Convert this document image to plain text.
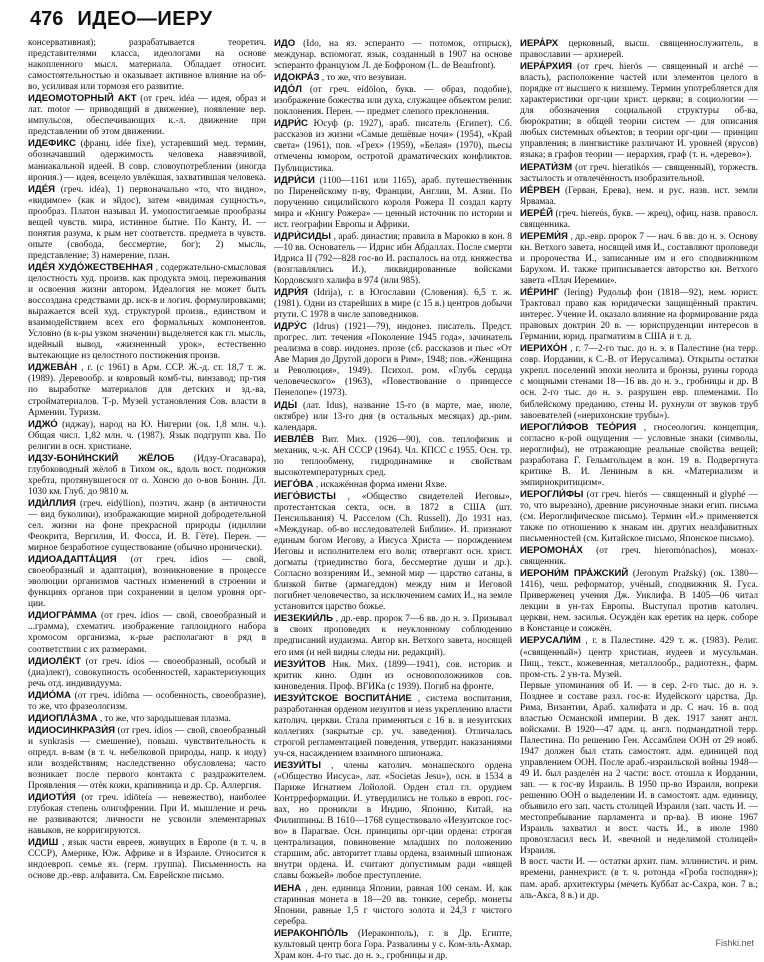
476 ИДЕО—ИЕРУ

консервативная); разрабатывается теоретич. представителями класса, идеологами на основе накопленного мысл. материала. Обладает относит. самостоятельностью и оказывает активное влияние на об-во, усиливая или тормозя его развитие.

ИДЕОМОТОРНЫЙ АКТ (от греч. idéa — идея, образ и лат. motor — приводящий в движение), появление вер. импульсов, обеспечивающих к.-л. движение при представлении об этом движении.

ИДЕФИКС (франц. idée fixe), устаревший мед. термин, обозначавший одержимость человека навязчивой, маниакальной идеей. В совр. словоупотреблении (иногда ирония.) — идея, всецело увлёкшая, захватившая человека.

ИДЕ́Я (греч. idéa), 1) первоначально «то, что видно», «видимое» (как и эйдос), затем «видимая сущность», прообраз. Платон называл И. умопостигаемые прообразы вещей чувств. мира, истинное бытие. По Канту, И. — понятия разума, к рым нет соответств. предмета в чувств. опыте (свобода, бессмертие, бог); 2) мысль, представление; 3) намерение, план.

ИДЕ́Я ХУДО́ЖЕСТВЕННАЯ , содержательно-смысловая целостность худ. произв. как продукта эмоц. переживания и освоения жизни автором. Идеалогия не может быть воссоздана средствами др. иск-в и логич. формулировками; выражается всей худ. структурой произв., единством и взаимодействием всех его формальных компонентов. Условно (в к-ры узком значении) выделяется как гл. мысль, идейный вывод, «жизненный урок», естественно вытекающие из целостного постижения произв.

ИДЖЕВА́Н , г. (с 1961) в Арм. ССР. Ж.-д. ст. 18,7 т. ж. (1989). Деревообр. и ковровый комб-ты, винзавод; пр-тия по выработке материалов для детских и зд.-ва, стройматериалов. Т-р. Музей установления Сов. власти в Армении. Туризм.

ИДЖО́ (иджау), народ на Ю. Нигерии (ок. 1,8 млн. ч.). Общая числ. 1,82 млн. ч. (1987). Язык подгрупп ква. По религии в осн. христиане.

ИДЗУ-БОНИ́НСКИЙ ЖЁЛОБ (Идзу-Огасавара), глубоководный жёлоб в Тихом ок., вдоль вост. подножия хребта, протянувшегося от о. Хонсю до о-вов Бонин. Дл. 1030 км. Глуб. до 9810 м.

ИДИ́ЛЛИЯ (греч. eidýllion), поэтич. жанр (в античности — вид буколики), изображающие мирной добродетельной сел. жизни на фоне прекрасной природы (идиллии Феокрита, Вергилия, И. Фосса, И. В. Гёте). Перен. — мирное безработное существование (обычно иронически).

ИДИОАДАПТА́ЦИЯ (от греч. ídios — свой, своеобразный и адаптация), возникновение в процессе эволюции организмов частных изменений в строении и функциях органов при сохранении в целом уровня орг-ции.

ИДИОГРА́ММА (от греч. ídios — свой, своеобразный и ...грамма), схематич. изображение гаплоидного набора хромосом организма, к-рые располагают в ряд в соответствии с их размерами.

ИДИОЛЕ́КТ (от греч. ídios — своеобразный, особый и (диа)лект), совокупность особенностей, характеризующих речь отд. индивидуума.

ИДИО́МА (от греч. idíōma — особенность, своеобразие), то же, что фразеологизм.

ИДИОПЛА́ЗМА , то же, что зародышевая плазма.

ИДИОСИНКРАЗИ́Я (от греч. ídios — свой, своеобразный и synkrasis — смешение), повыш. чувствительность к опредл. в-вам (в т. ч. небелковой природы, напр. к иоду) или воздействиям; наследственно обусловлена; часто возникает после первого контакта с раздражителем. Проявления — отёк кожи, крапивница и др. Ср. Аллергия.

ИДИОТИ́Я (от греч. idiōteía — невежество), наиболее глубокая степень олигофрении. При И. мышление и речь не развиваются; личности не усвоили элементарных навыков, не корригируются.

ИДИШ , язык части евреев, живущих в Европе (в т. ч. в СССР), Америке, Юж. Африке и в Израиле. Относится к индоевроп. семье яз. (герм. группа). Письменность на основе др.-евр. алфавита. См. Еврейское письмо.

ИДО (Ido, на яз. эсперанто — потомок, отпрыск), междунар. вспомогат. язык, созданный в 1907 на основе эсперанто французом Л. де Бофроном (L. de Beaufront).

ИДОКРА́З , то же, что везувиан.

ИДО́Л (от греч. eídōlon, букв. — образ, подобие), изображение божества или духа, служащее объектом религ. поклонения. Перен. — предмет слепого преклонения.

ИДРИ́С Юсуф (р. 1927), араб. писатель (Египет). Сб. рассказов из жизни «Самые дешёвые ночи» (1954), «Край света» (1961), пов. «Грех» (1959), «Белая» (1970), пьесы отмечены юмором, остротой драматических конфликтов. Публицистика.

ИДРИ́СИ (1100—1161 или 1165), араб. путешественник по Пиренейскому п-ву, Франции, Англии, М. Азии. По поручению сицилийского короля Рожера II создал карту мира и «Книгу Рожера» — ценный источник по истории и ист. географии Европы и Африки.

ИДРИ́СИДЫ , араб. династия; правила в Марокко в кон. 8—10 вв. Основатель — Идрис ибн Абдаллах. После смерти Идриса II (792—828 гос-во И. распалось на отд. княжества (возглавлялись И.), ликвидированные войсками Кордовского халифа в 974 (или 985).

ИДРИ́Я (Idrija), г. в Югославии (Словения). 6,5 т. ж. (1981). Одни из старейших в мире (с 15 в.) центров добычи ртути. С 1978 в числе заповедников.

ИДРУ́С (Idrus) (1921—79), индонез. писатель. Предст. прогрес. лит. течения «Поколение 1945 года», зачинатель реализма в совр. индонез. прозе (сб. рассказов и пьес «От Аве Мария до Другой дороги в Рим», 1948; пов. «Женщина и Революция», 1949). Психол. ром. «Глубь сердца человеческого» (1963), «Повествование о принцессе Пенелопе» (1973).

ИДЫ́ (лат. Idus), название 15-го (в марте, мае, июле, октябре) или 13-го дня (в остальных месяцах) др.-рим. календаря.

ИЕВЛЕ́В Вит. Мих. (1926—90), сов. теплофизик и механик, ч.-к. АН СССР (1964). Чл. КПСС с 1955. Осн. тр. по теплообмену, гидродинамике и свойствам высокотемпературных сред.

ИЕГО́ВА , искажённая форма имени Яхве.

ИЕГО́ВИСТЫ , «Общество свидетелей Иеговы», протестантская секта, осн. в 1872 в США (шт. Пенсильвания) Ч. Расселом (Ch. Russell). До 1931 наз. «Междунар. об-во исследователей Библии». И. признают единым богом Иегову, а Иисуса Христа — порождением Иеговы и исполнителем его воли; отвергают осн. христ. догматы (триединство бога, бессмертие души и др.). Согласно воззрениям И., земной мир — царство сатаны, в близкой битве (армагеддон) между ним и Иеговой погибнет человечество, за исключением самих И., на земле установится царство божье.

ИЕЗЕКИИ́ЛЬ , др.-евр. пророк 7—6 вв. до н. э. Призывал в своих проповедях к неуклонному соблюдению предписаний иудаизма. Автор кн. Ветхого завета, носящей его имя (и ней видны следы ни. редакций).

ИЕЗУИ́ТОВ Ник. Мих. (1899—1941), сов. историк и критик кино. Один из основоположников сов. киноведения. Проф. ВГИКа (с 1939). Погиб на фронте.

ИЕЗУИ́ТСКОЕ ВОСПИТА́НИЕ , система воспитания, разработанная орденом иезуитов и иезs укреплению власти католич. церкви. Стала применяться с 16 в. в иезуитских коллегиях (закрытые ср. уч. заведения). Отличалась строгой регламентацией поведения, утвердит. наказаниями уч-ся, насаждением взаимного шпионажа.

ИЕЗУИ́ТЫ , члены католич. монашеского ордена («Общество Иисуса», лат. «Societas Jesu»), осн. в 1534 в Париже Игнатием Лойолой. Орден стал гл. орудием Контрреформации. И. утвердились не только в европ. гос-вах, но проникли в Индию, Японию, Китай, на Филиппины. В 1610—1768 существовало «Иезуитское гос-во» в Парагвае. Осн. принципы орг-ции ордена: строгая централизация, повиновение младших по положению старшим, абс. авторитет главы ордена, взаимный шпионаж внутри ордена. И. считают допустимым ради «вящей славы божьей» любое преступление.

ИЕНА , ден. единица Японии, равная 100 сенам. И. как старинная монета в 18—20 вв. тонкие, серебр. монеты Японии, равные 1,5 г чистого золота и 24,3 г чистого серебра.

ИЕРАКОНПО́ЛЬ (Иераконполь), г. в Др. Египте, культовый центр бога Гора. Развалины у с. Ком-эль-Ахмар. Храм кон. 4-го тыс. до н. э., гробницы и др.

ИЕРА́РХ церковный, высш. священнослужитель, в православии — архиерей.

ИЕРА́РХИЯ (от греч. hierós — священный и arché — власть), расположение частей или элементов целого в порядке от высшего к низшему. Термин употребляется для характеристики орг-ции христ. церкви; в социологии — для обозначения социальной структуры об-ва, бюрократии; в общей теории систем — для описания любых системных объектов; в теории орг-ции — принцип управления; в лингвистике различают И. уровней (ярусов) языка; в графов теории — иерархия, граф (т. н. «дерево»).

ИЕРАТИ́ЗМ (от греч. hieratikós — священный), торжеств. застылость и отвлечённость изобразительной.

ИЕ́РВЕН (Герван, Ерева), нем. и рус. назв. ист. земли Ярвамаа.

ИЕРЕ́Й (греч. hiereús, букв. — жрец), офиц. назв. правосл. священника.

ИЕРЕМИ́Я , др.-евр. пророк 7 — нач. 6 вв. до н. э. Основу кн. Ветхого завета, носящей имя И., составляют проповеди и пророчества И., записанные им и его сподвижником Барухом. И. также приписывается авторство кн. Ветхого завета «Плач Иеремии».

ИЕ́РИНГ (Iering) Рудольф фон (1818—92), нем. юрист. Трактовал право как юридически защищённый практич. интерес. Учение И. оказало влияние на формирование ряда правовых доктрин 20 в. — юриспруденции интересов в Германии, юрид. прагматизм в США и т. д.

ИЕРИХО́Н , г. 7—2-го тыс. до н. э. в Палестине (на терр. совр. Иордании, к С.-В. от Иерусалима). Открыты остатки укрепл. поселений эпохи неолита и бронзы, руины города с мощными стенами 18—16 вв. до н. э., гробницы и др. В осн. 2-го тыс. до н. э. разрушен евр. племенами. По библейскому преданию, стены И. рухнули от звуков труб завоевателей («иерихонские трубы»).

ИЕРОГЛИ́ФОВ ТЕО́РИЯ , гносеологич. концепция, согласно к-рой ощущения — условные знаки (символы, иероглифы), не отражающие реальные свойства вещей; разработана Г. Гельмгольцем в кон. 19 в. Подвергнута критике В. И. Лениным в кн. «Материализм и эмпириокритицизм».

ИЕРОГЛИ́ФЫ (от греч. hierós — священный и glyphé — то, что вырезано), древние рисуночные знаки егип. письма (см. Иероглифическое письмо). Термин «И.» применяется также по отношению к знакам ин. других неалфавитных письменностей (см. Китайское письмо, Японское письмо).

ИЕРОМОНА́Х (от греч. hieromónachos), монах-священник.

ИЕРОНИ́М ПРА́ЖСКИЙ (Jeronym Pražský) (ок. 1380—1416), чеш. реформатор, учёный, сподвижник Я. Гуса. Приверженец учения Дж. Уиклифа. В 1405—06 читал лекции в ун-тах Европы. Выступал против католич. церкви, нем. засилья. Осуждён как еретик на церк. соборе в Констанце и сожжён.

ИЕРУСАЛИ́М , г. в Палестине. 429 т. ж. (1983). Религ. («священный») центр христиан, иудеев и мусульман. Пищ., текст., кожевенная, металлообр., радиотехн., фарм. пром-сть. 2 ун-та. Музей.

Первые упоминания об И. — в сер. 2-го тыс. до н. э. Позднее в составе разл. гос-в: Иудейского царства, Др. Рима, Византии, Араб. халифата и др. С нач. 16 в. под властью Османской империи. В дек. 1917 занят англ. войсками. В 1920—47 адм. ц. англ. подмандатной терр. Палестина. По решению Ген. Ассамблеи ООН от 29 нояб. 1947 должен был стать самостоят. адм. единицей под управлением ООН. После араб.-израильской войны 1948—49 И. был разделён на 2 части: вост. отошла к Иордании, зап. — к гос-ву Израиль. В 1950 пр-во Израиля, вопреки решению ООН о выделении И. в самостоят. адм. единицу, объявило его зап. часть столицей Израиля (зап. часть И. — местопребывание парламента и пр-ва). В июне 1967 Израиль захватил и вост. часть И., в июле 1980 провозгласил весь И. «вечной и неделимой столицей» Израиля.

В вост. части И. — остатки архит. пам. эллинистич. и рим. времени, раннехрист. (в т. ч. ротонда «Гроба господня»); пам. араб. архитектуры (мечеть Куббат ас-Сахра, кон. 7 в.; аль-Акса, 8 в.) и др.

Fishki.net
